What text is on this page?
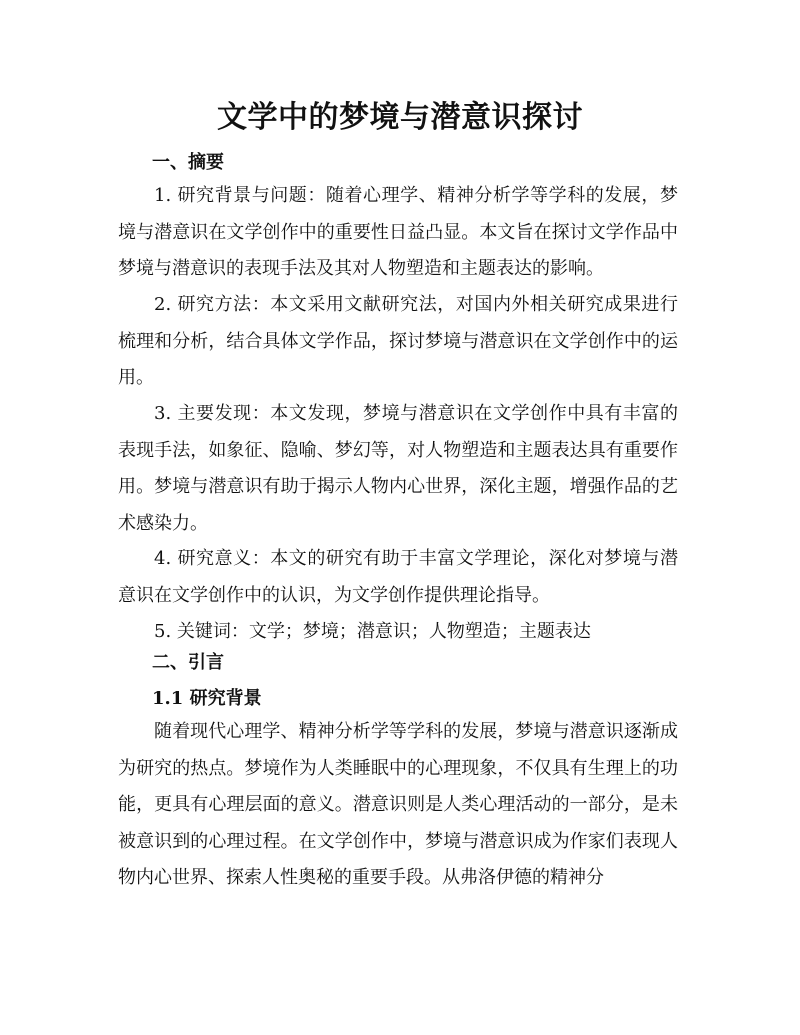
文学中的梦境与潜意识探讨
一、摘要

1. 研究背景与问题：随着心理学、精神分析学等学科的发展，梦境与潜意识在文学创作中的重要性日益凸显。本文旨在探讨文学作品中梦境与潜意识的表现手法及其对人物塑造和主题表达的影响。

2. 研究方法：本文采用文献研究法，对国内外相关研究成果进行梳理和分析，结合具体文学作品，探讨梦境与潜意识在文学创作中的运用。

3. 主要发现：本文发现，梦境与潜意识在文学创作中具有丰富的表现手法，如象征、隐喻、梦幻等，对人物塑造和主题表达具有重要作用。梦境与潜意识有助于揭示人物内心世界，深化主题，增强作品的艺术感染力。

4. 研究意义：本文的研究有助于丰富文学理论，深化对梦境与潜意识在文学创作中的认识，为文学创作提供理论指导。

5. 关键词：文学；梦境；潜意识；人物塑造；主题表达

二、引言
1.1 研究背景

随着现代心理学、精神分析学等学科的发展，梦境与潜意识逐渐成为研究的热点。梦境作为人类睡眠中的心理现象，不仅具有生理上的功能，更具有心理层面的意义。潜意识则是人类心理活动的一部分，是未被意识到的心理过程。在文学创作中，梦境与潜意识成为作家们表现人物内心世界、探索人性奥秘的重要手段。从弗洛伊德的精神分
